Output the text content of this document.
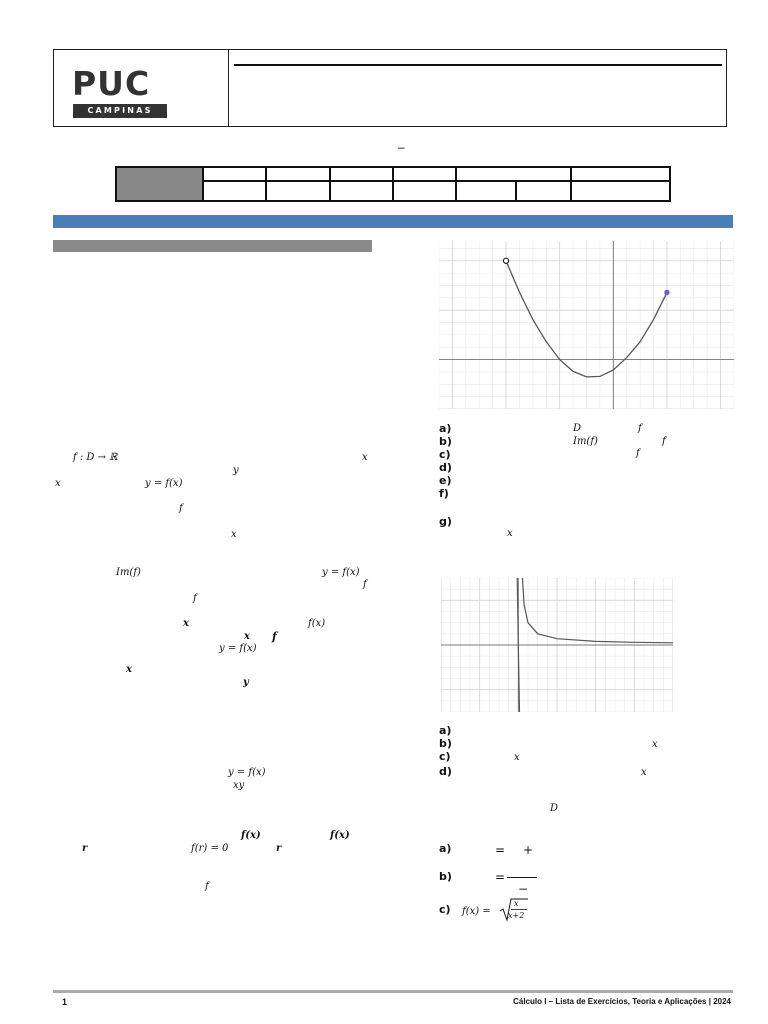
PUC
CAMPINAS
–
f : D → ℝ	x
y
x	y = f(x)
f
x
Im(f)	y = f(x)
f
f
x	f(x)
x f
y = f(x)
x
y
y = f(x)
xy
f(x)	f(x)
r	f(r) = 0	r
f
a)	D	f
b)	Im(f)	f
c)	f
d)
e)
f)
g)
x
a)
b)	x
c)	x
d)	x
D
a)	= +
b)	=
−
c) f(x) =
x
x+2
1	Cálculo I – Lista de Exercícios, Teoria e Aplicações | 2024
